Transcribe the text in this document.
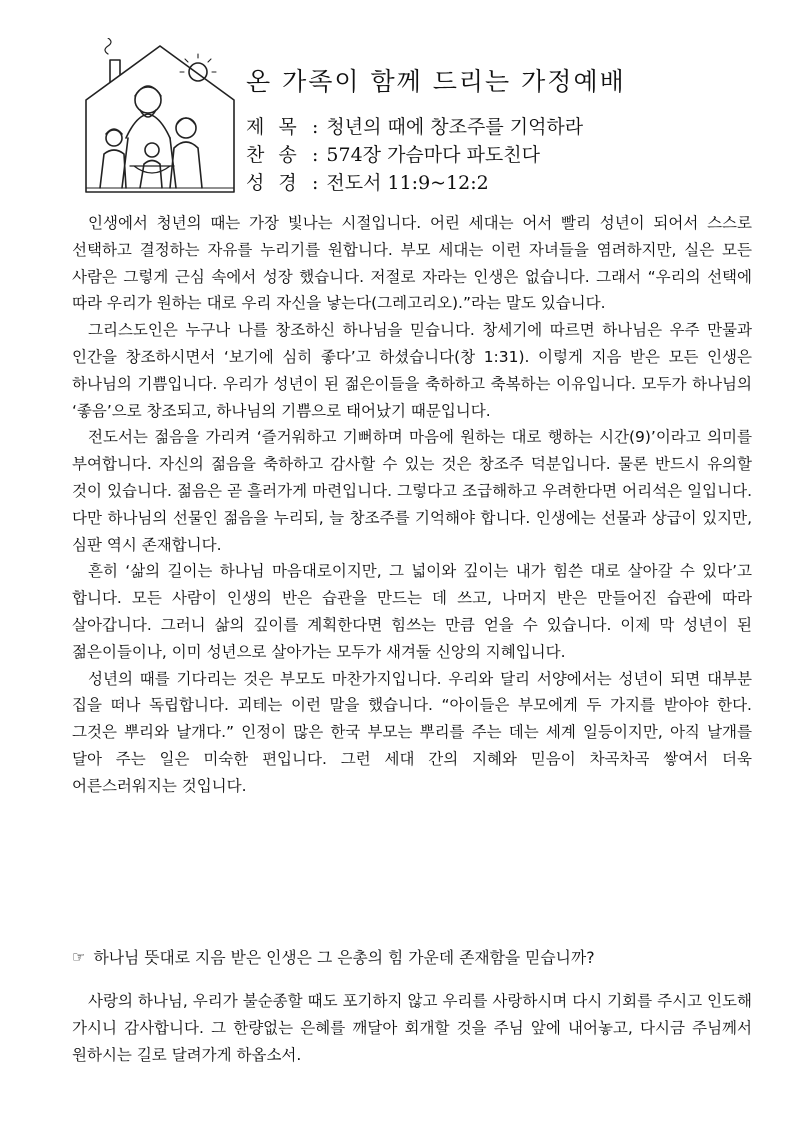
온 가족이 함께 드리는 가정예배
제목 : 청년의 때에 창조주를 기억하라
찬송 : 574장 가슴마다 파도친다
성경 : 전도서 11:9~12:2

인생에서 청년의 때는 가장 빛나는 시절입니다. 어린 세대는 어서 빨리 성년이 되어서 스스로 선택하고 결정하는 자유를 누리기를 원합니다. 부모 세대는 이런 자녀들을 염려하지만, 실은 모든 사람은 그렇게 근심 속에서 성장 했습니다. 저절로 자라는 인생은 없습니다. 그래서 “우리의 선택에 따라 우리가 원하는 대로 우리 자신을 낳는다(그레고리오).”라는 말도 있습니다.

그리스도인은 누구나 나를 창조하신 하나님을 믿습니다. 창세기에 따르면 하나님은 우주 만물과 인간을 창조하시면서 ‘보기에 심히 좋다’고 하셨습니다(창 1:31). 이렇게 지음 받은 모든 인생은 하나님의 기쁨입니다. 우리가 성년이 된 젊은이들을 축하하고 축복하는 이유입니다. 모두가 하나님의 ‘좋음’으로 창조되고, 하나님의 기쁨으로 태어났기 때문입니다.

전도서는 젊음을 가리켜 ‘즐거워하고 기뻐하며 마음에 원하는 대로 행하는 시간(9)’이라고 의미를 부여합니다. 자신의 젊음을 축하하고 감사할 수 있는 것은 창조주 덕분입니다. 물론 반드시 유의할 것이 있습니다. 젊음은 곧 흘러가게 마련입니다. 그렇다고 조급해하고 우려한다면 어리석은 일입니다. 다만 하나님의 선물인 젊음을 누리되, 늘 창조주를 기억해야 합니다. 인생에는 선물과 상급이 있지만, 심판 역시 존재합니다.

흔히 ‘삶의 길이는 하나님 마음대로이지만, 그 넓이와 깊이는 내가 힘쓴 대로 살아갈 수 있다’고 합니다. 모든 사람이 인생의 반은 습관을 만드는 데 쓰고, 나머지 반은 만들어진 습관에 따라 살아갑니다. 그러니 삶의 깊이를 계획한다면 힘쓰는 만큼 얻을 수 있습니다. 이제 막 성년이 된 젊은이들이나, 이미 성년으로 살아가는 모두가 새겨둘 신앙의 지혜입니다.

성년의 때를 기다리는 것은 부모도 마찬가지입니다. 우리와 달리 서양에서는 성년이 되면 대부분 집을 떠나 독립합니다. 괴테는 이런 말을 했습니다. “아이들은 부모에게 두 가지를 받아야 한다. 그것은 뿌리와 날개다.” 인정이 많은 한국 부모는 뿌리를 주는 데는 세계 일등이지만, 아직 날개를 달아 주는 일은 미숙한 편입니다. 그런 세대 간의 지혜와 믿음이 차곡차곡 쌓여서 더욱 어른스러워지는 것입니다.

☞ 하나님 뜻대로 지음 받은 인생은 그 은총의 힘 가운데 존재함을 믿습니까?

사랑의 하나님, 우리가 불순종할 때도 포기하지 않고 우리를 사랑하시며 다시 기회를 주시고 인도해 가시니 감사합니다. 그 한량없는 은혜를 깨달아 회개할 것을 주님 앞에 내어놓고, 다시금 주님께서 원하시는 길로 달려가게 하옵소서.
